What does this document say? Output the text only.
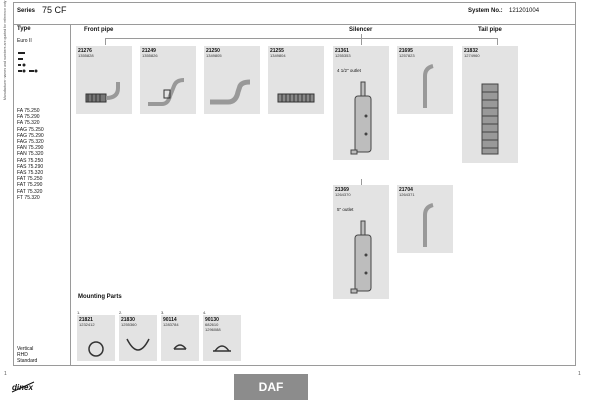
Series 75 CF	System No.: 121201004
Type
Euro II
FA 75.250
FA 75.290
FA 75.320
FAG 75.250
FAG 75.290
FAG 75.320
FAN 75.290
FAN 75.320
FAS 75.250
FAS 75.290
FAS 75.320
FAT 75.250
FAT 75.290
FAT 75.320
FT 75.320
Vertical
RHD
Standard
Manufacturer names and numbers are quoted for reference only	Front pipe	Silencer	Tail pipe
21276
1355828
21249
1355826
21250
1349805
21255
1349804
21361
1255353
21695
1257823
21832
1274960
21369
1264370
21704
1264371
4 1/2" outlet
5" outlet
Mounting Parts
1.
21821
1232412
2.
21830
1255360
3.
90114
1283784
4.
90130
682610
1296088
1	1
dinex	DAF
